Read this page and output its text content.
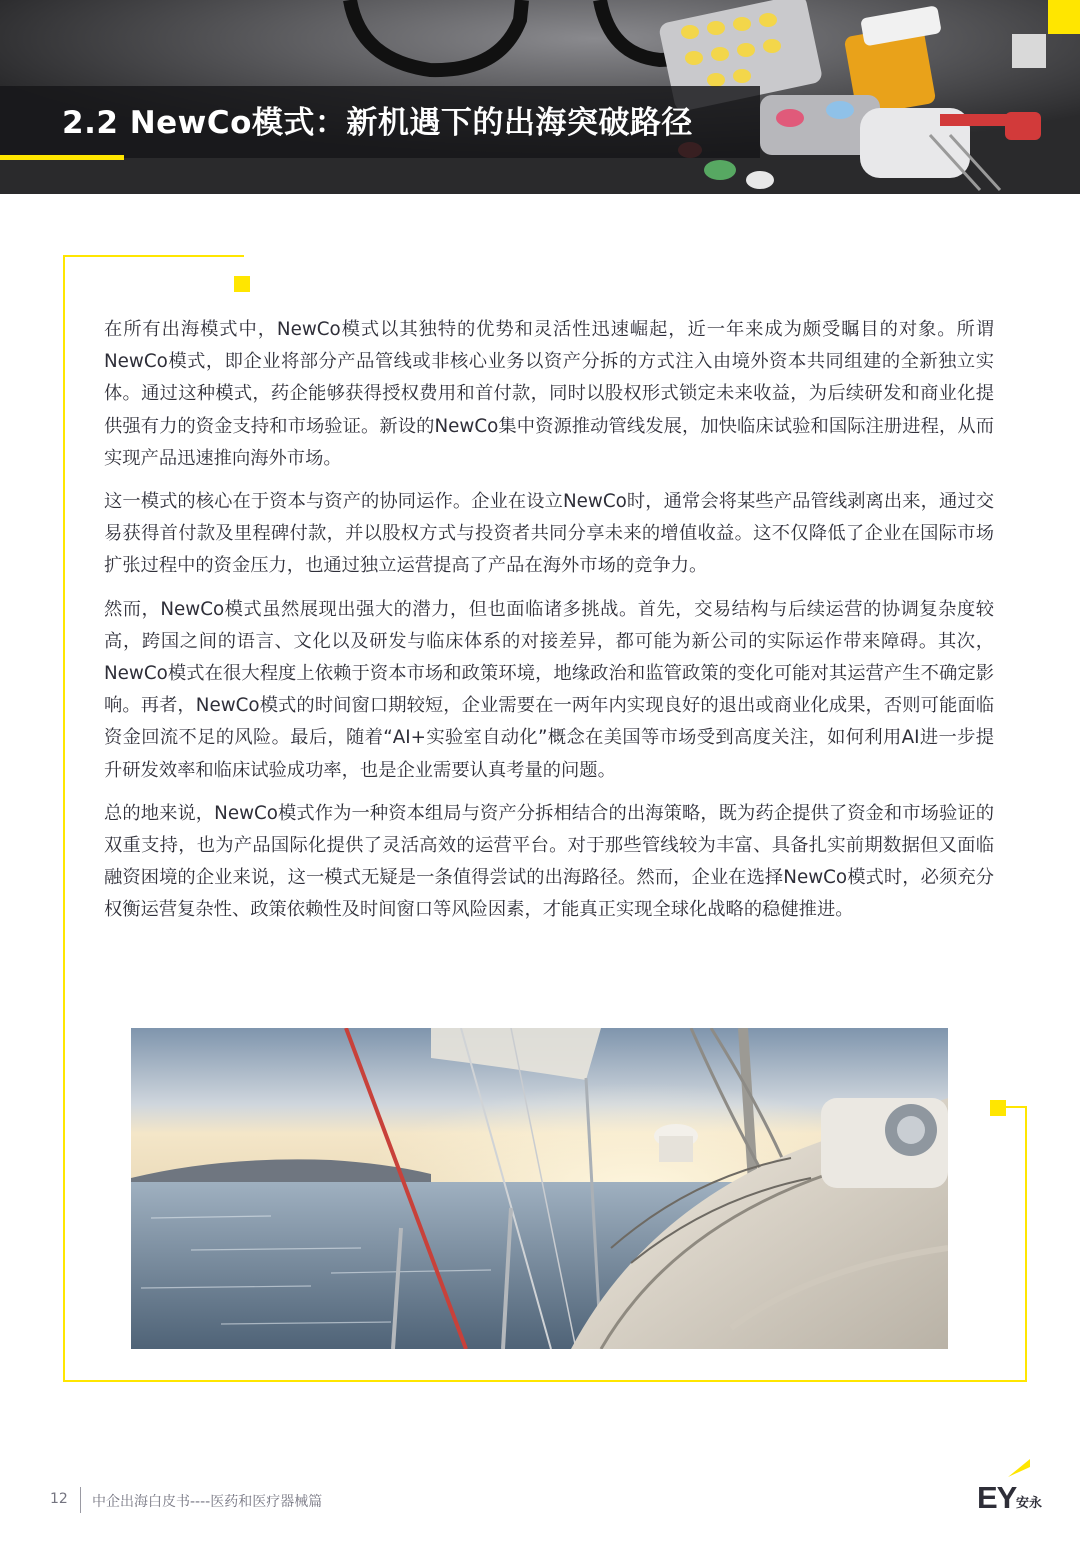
2.2 NewCo模式：新机遇下的出海突破路径

在所有出海模式中，NewCo模式以其独特的优势和灵活性迅速崛起，近一年来成为颇受瞩目的对象。所谓NewCo模式，即企业将部分产品管线或非核心业务以资产分拆的方式注入由境外资本共同组建的全新独立实体。通过这种模式，药企能够获得授权费用和首付款，同时以股权形式锁定未来收益，为后续研发和商业化提供强有力的资金支持和市场验证。新设的NewCo集中资源推动管线发展，加快临床试验和国际注册进程，从而实现产品迅速推向海外市场。

这一模式的核心在于资本与资产的协同运作。企业在设立NewCo时，通常会将某些产品管线剥离出来，通过交易获得首付款及里程碑付款，并以股权方式与投资者共同分享未来的增值收益。这不仅降低了企业在国际市场扩张过程中的资金压力，也通过独立运营提高了产品在海外市场的竞争力。

然而，NewCo模式虽然展现出强大的潜力，但也面临诸多挑战。首先，交易结构与后续运营的协调复杂度较高，跨国之间的语言、文化以及研发与临床体系的对接差异，都可能为新公司的实际运作带来障碍。其次，NewCo模式在很大程度上依赖于资本市场和政策环境，地缘政治和监管政策的变化可能对其运营产生不确定影响。再者，NewCo模式的时间窗口期较短，企业需要在一两年内实现良好的退出或商业化成果，否则可能面临资金回流不足的风险。最后，随着“AI+实验室自动化”概念在美国等市场受到高度关注，如何利用AI进一步提升研发效率和临床试验成功率，也是企业需要认真考量的问题。

总的地来说，NewCo模式作为一种资本组局与资产分拆相结合的出海策略，既为药企提供了资金和市场验证的双重支持，也为产品国际化提供了灵活高效的运营平台。对于那些管线较为丰富、具备扎实前期数据但又面临融资困境的企业来说，这一模式无疑是一条值得尝试的出海路径。然而，企业在选择NewCo模式时，必须充分权衡运营复杂性、政策依赖性及时间窗口等风险因素，才能真正实现全球化战略的稳健推进。

12 中企出海白皮书----医药和医疗器械篇	EY 安永
